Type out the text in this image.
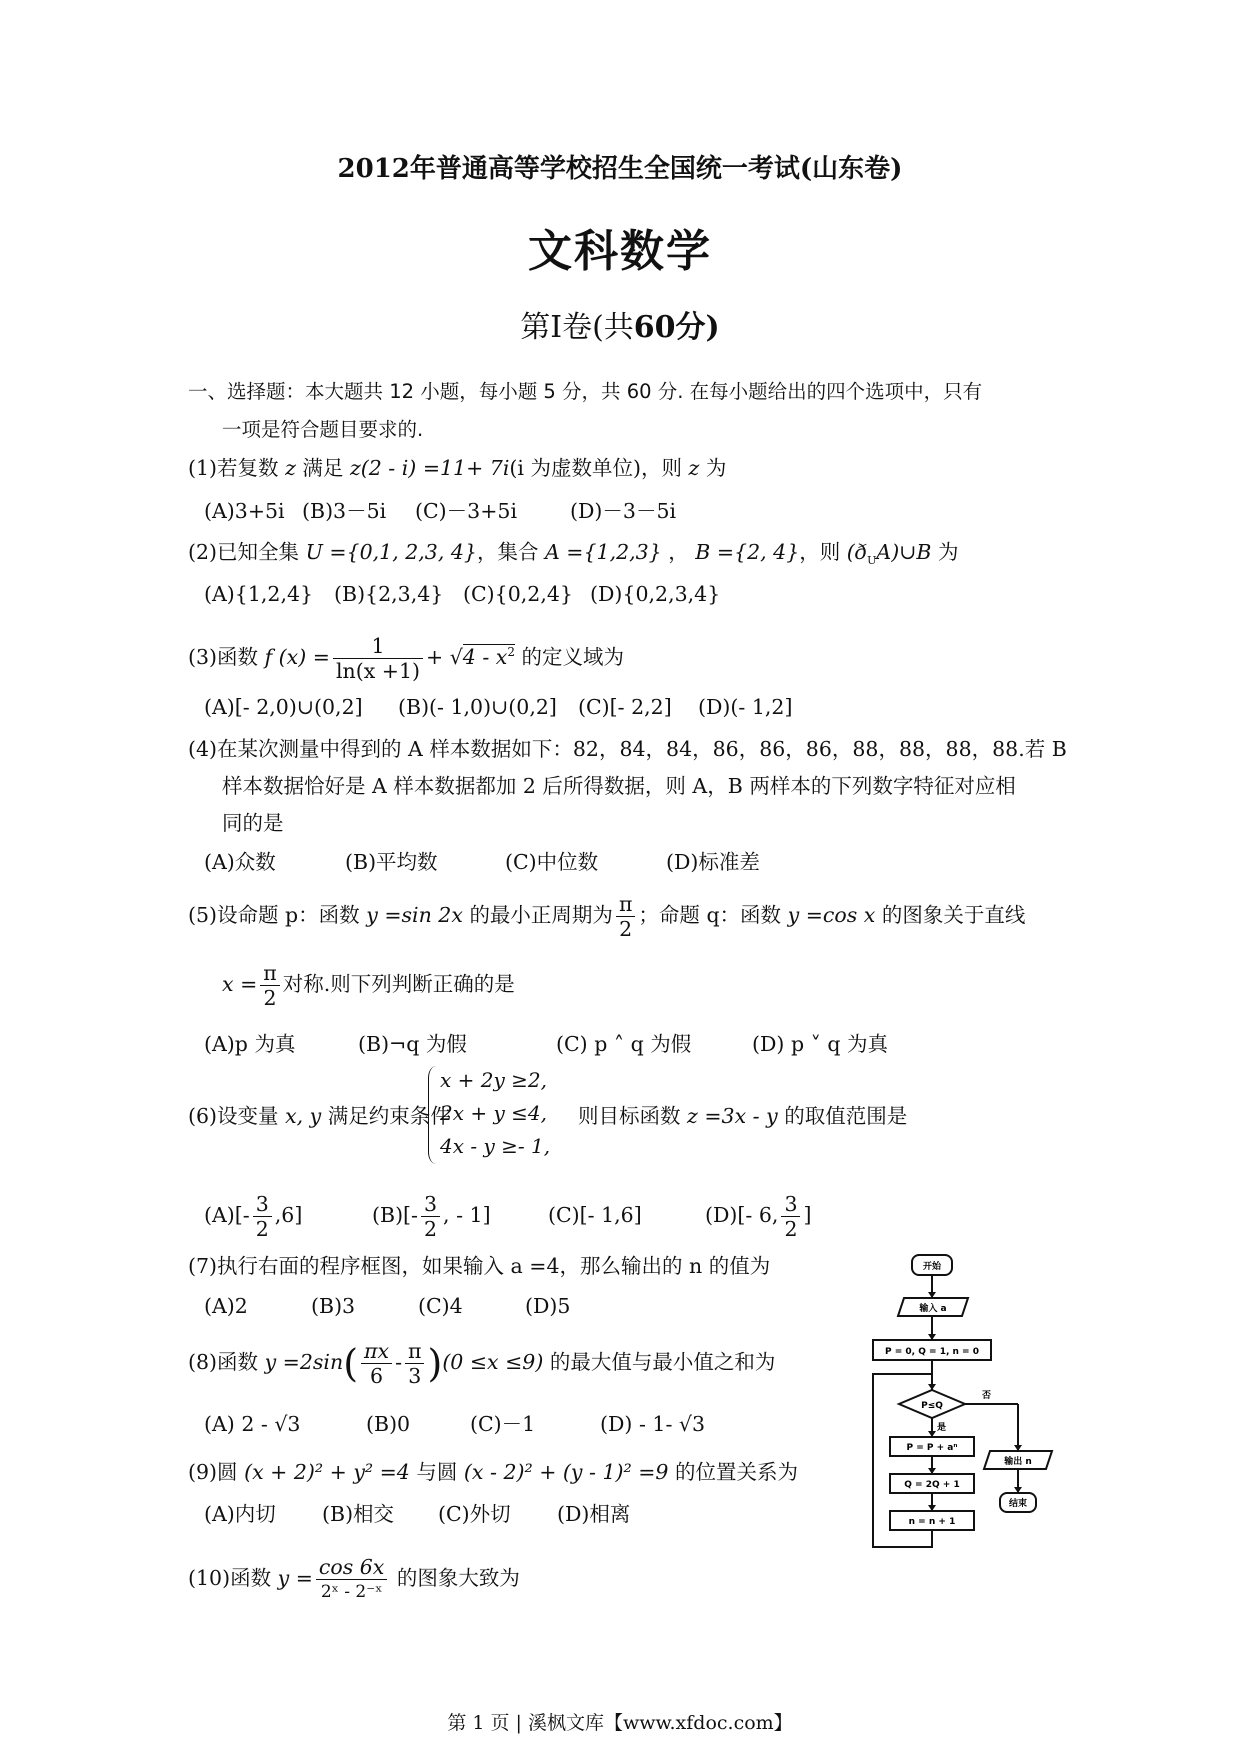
2012年普通高等学校招生全国统一考试(山东卷)
文科数学
第Ⅰ卷(共60分)
一、选择题：本大题共 12 小题，每小题 5 分，共 60 分. 在每小题给出的四个选项中，只有
一项是符合题目要求的.
(1)若复数 z 满足 z(2 - i) =11+ 7i(i 为虚数单位)，则 z 为
(A)3+5i (B)3－5i (C)－3+5i	(D)－3－5i
(2)已知全集 U ={0,1, 2,3, 4}，集合 A ={1,2,3} ， B ={2, 4}，则 $(ð_UA)\cup B$ 为
(A){1,2,4} (B){2,3,4} (C){0,2,4} (D){0,2,3,4}
(3)函数 f $(x) = \frac{1}{\ln(x +1)} + √4 - x^2$ 的定义域为
(A)[- 2,0)∪(0,2] (B)(- 1,0)∪(0,2] (C)[- 2,2] (D)(- 1,2]
(4)在某次测量中得到的 A 样本数据如下：82，84，84，86，86，86，88，88，88，88.若 B
样本数据恰好是 A 样本数据都加 2 后所得数据，则 A，B 两样本的下列数字特征对应相
同的是
(A)众数	(B)平均数	(C)中位数	(D)标准差
(5)设命题 p：函数 y =sin 2x 的最小正周期为 $\frac{\pi}{2}$ ；命题 q：函数 y =cos x 的图象关于直线
$x = \frac{\pi}{2}$ 对称.则下列判断正确的是
(A)p 为真	(B)¬q 为假	(C) p ˄ q 为假	(D) p ˅ q 为真
(6)设变量 x, y 满足约束条件
x + 2y ≥2,
2x + y ≤4,
4x - y ≥- 1,
则目标函数 z =3x - y 的取值范围是
$(A)[- \frac{3}{2} ,6]$	$(B)[- \frac{3}{2}$ , - 1]	(C)[- 1,6]	(D)[- 6, $\frac{3}{2}$ ]
(7)执行右面的程序框图，如果输入 a =4，那么输出的 n 的值为
(A)2	(B)3	(C)4	(D)5
(8)函数 $y =2\sin( \frac{\pi x}{6} - \frac{\pi}{3} )(0 \le x \le 9)$ 的最大值与最小值之和为
(A) 2 - √3	(B)0	(C)－1	(D) - 1- √3
(9)圆 (x + 2)² + y² =4 与圆 (x - 2)² + (y - 1)² =9 的位置关系为
(A)内切 (B)相交 (C)外切 (D)相离
(10)函数 $y = \frac{\cos 6x}{\text{2ˣ - 2⁻ˣ}}$ 的图象大致为
开始
输入 a
P = 0, Q = 1, n = 0
P≤Q
否
是
P = P + aⁿ
Q = 2Q + 1
n = n + 1
输出 n
结束
第 1 页 | 溪枫文库【www.xfdoc.com】
